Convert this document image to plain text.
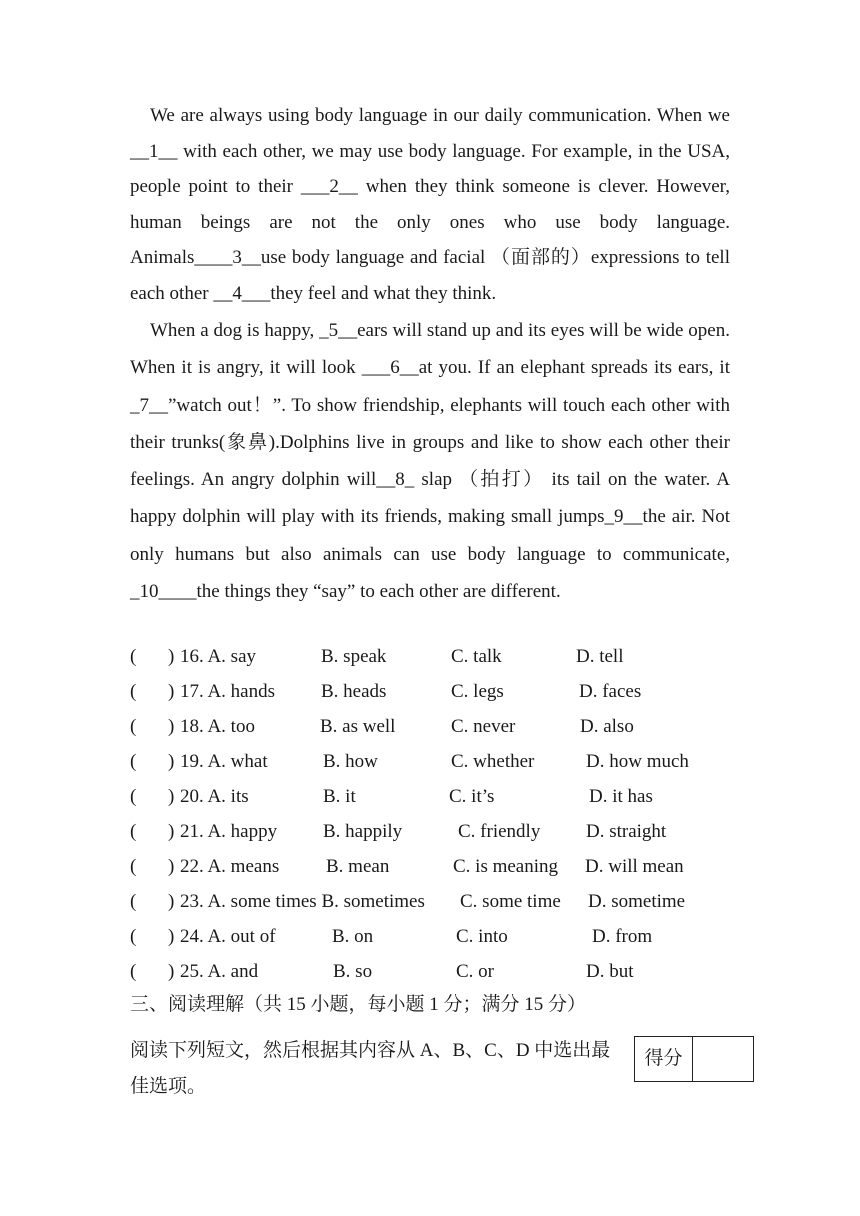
We are always using body language in our daily communication. When we __1__ with each other, we may use body language. For example, in the USA, people point to their ___2__ when they think someone is clever. However, human beings are not the only ones who use body language. Animals____3__use body language and facial （面部的）expressions to tell each other __4___they feel and what they think.

When a dog is happy, _5__ears will stand up and its eyes will be wide open. When it is angry, it will look ___6__at you. If an elephant spreads its ears, it _7__”watch out！”. To show friendship, elephants will touch each other with their trunks(象鼻).Dolphins live in groups and like to show each other their feelings. An angry dolphin will__8_ slap （拍打） its tail on the water. A happy dolphin will play with its friends, making small jumps_9__the air. Not only humans but also animals can use body language to communicate, _10____the things they “say” to each other are different.

( ) 16. A. say	B. speak	C. talk	D. tell
( ) 17. A. hands B. heads	C. legs	D. faces
( ) 18. A. too	B. as well	C. never	D. also
( ) 19. A. what	B. how	C. whether	D. how much
( ) 20. A. its	B. it	C. it’s	D. it has
( ) 21. A. happy B. happily	C. friendly D. straight
( ) 22. A. means B. mean	C. is meaning D. will mean
( ) 23. A. some times B. sometimes C. some time D. sometime
( ) 24. A. out of	B. on	C. into	D. from
( ) 25. A. and	B. so	C. or	D. but
三、阅读理解（共 15 小题，每小题 1 分；满分 15 分）
阅读下列短文，然后根据其内容从 A、B、C、D 中选出最佳选项。
得分
